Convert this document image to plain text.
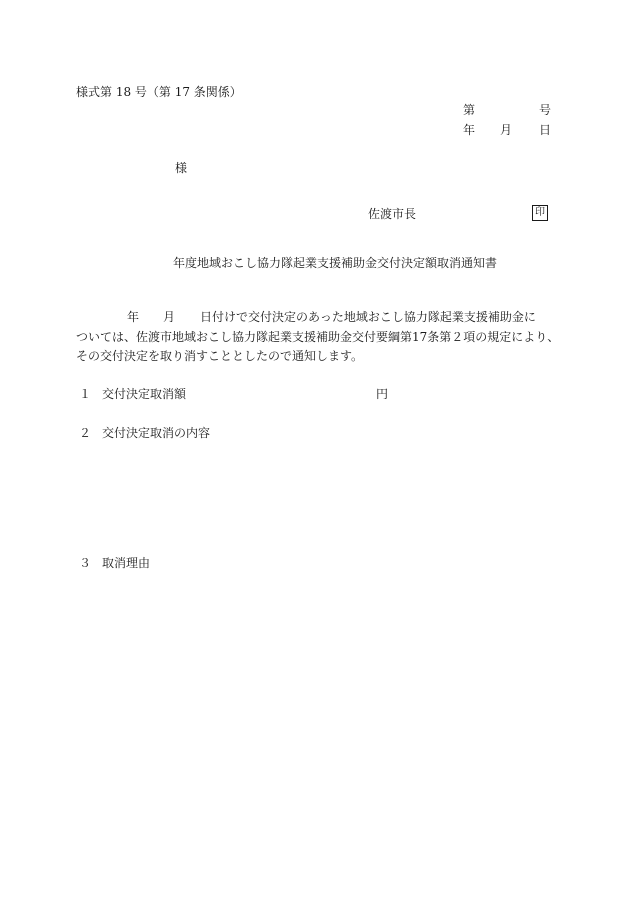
様式第 18 号（第 17 条関係）
第	号
年 月 日
様
佐渡市長	印
年度地域おこし協力隊起業支援補助金交付決定額取消通知書
年 月 日付けで交付決定のあった地域おこし協力隊起業支援補助金に
ついては、佐渡市地域おこし協力隊起業支援補助金交付要綱第17条第２項の規定により、
その交付決定を取り消すこととしたので通知します。
１ 交付決定取消額	円
２ 交付決定取消の内容
３ 取消理由
